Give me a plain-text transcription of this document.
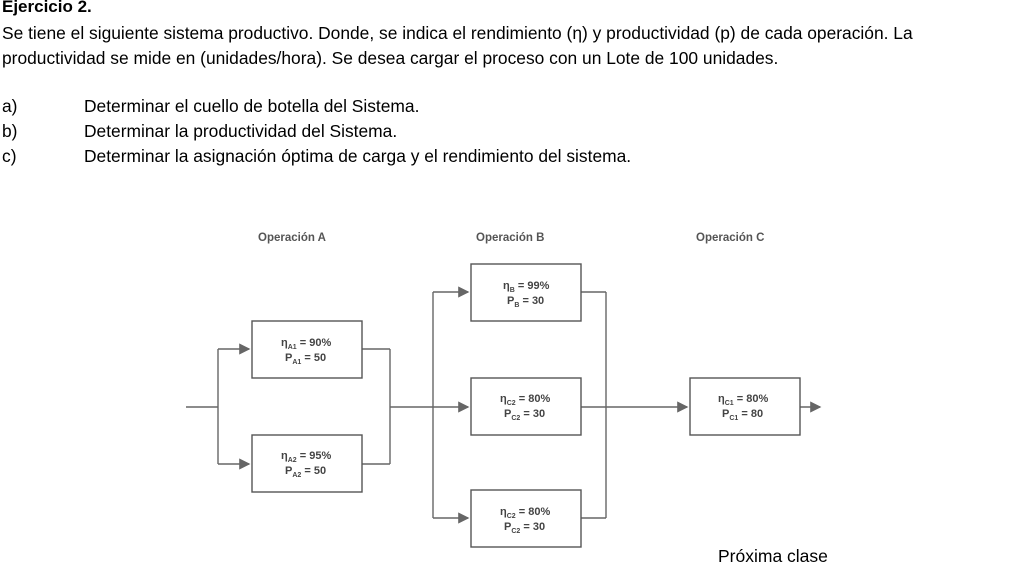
Ejercicio 2.
Se tiene el siguiente sistema productivo. Donde, se indica el rendimiento (η) y productividad (p) de cada operación. La productividad se mide en (unidades/hora). Se desea cargar el proceso con un Lote de 100 unidades.
a)	Determinar el cuello de botella del Sistema.
b)	Determinar la productividad del Sistema.
c)	Determinar la asignación óptima de carga y el rendimiento del sistema.
Operación A	Operación B	Operación C
$\eta_{A1} = 90\%$
$P_{A1} = 50$
$\eta_{A2} = 95\%$
$P_{A2} = 50$
$\eta_B = 99\%$
$P_B = 30$
$\eta_{C2} = 80\%$
$P_{C2} = 30$
$\eta_{C2} = 80\%$
$P_{C2} = 30$
$\eta_{C1} = 80\%$
$P_{C1} = 80$
Próxima clase
